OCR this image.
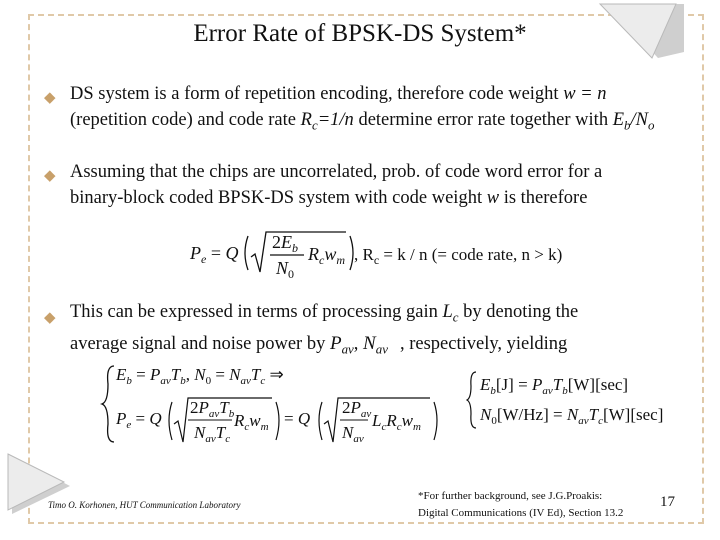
Error Rate of BPSK-DS System*
◆ DS system is a form of repetition encoding, therefore code weight w = n (repetition code) and code rate $R_c=1/n$ determine error rate together with $E_b/N_o$

◆ Assuming that the chips are uncorrelated, prob. of code word error for a
binary-block coded BPSK-DS system with code weight w is therefore

$P_e = Q$
$2E_b$
$N_0$
$R_cw_m$ , $R_c = k / n$ (= code rate, n > k)
◆ This can be expressed in terms of processing gain $L_c$ by denoting the
average signal and noise power by $P_{av}$, $N_{av}$ , respectively, yielding

$E_b = P_{av}T_b$, $N_0 = N_{av}T_c$ ⇒
$P_e = Q$
$2P_{av}T_b$
$N_{av}T_c$
$R_cw_m = Q$
$2P_{av}$
$N_{av}$
$L_cR_cw_m$
$E_b[J] = P_{av}T_b[W][\sec]$
$N_0[W/Hz] = N_{av}T_c[W][\sec]$
Timo O. Korhonen, HUT Communication Laboratory
*For further background, see J.G.Proakis:
Digital Communications (IV Ed), Section 13.2
17
